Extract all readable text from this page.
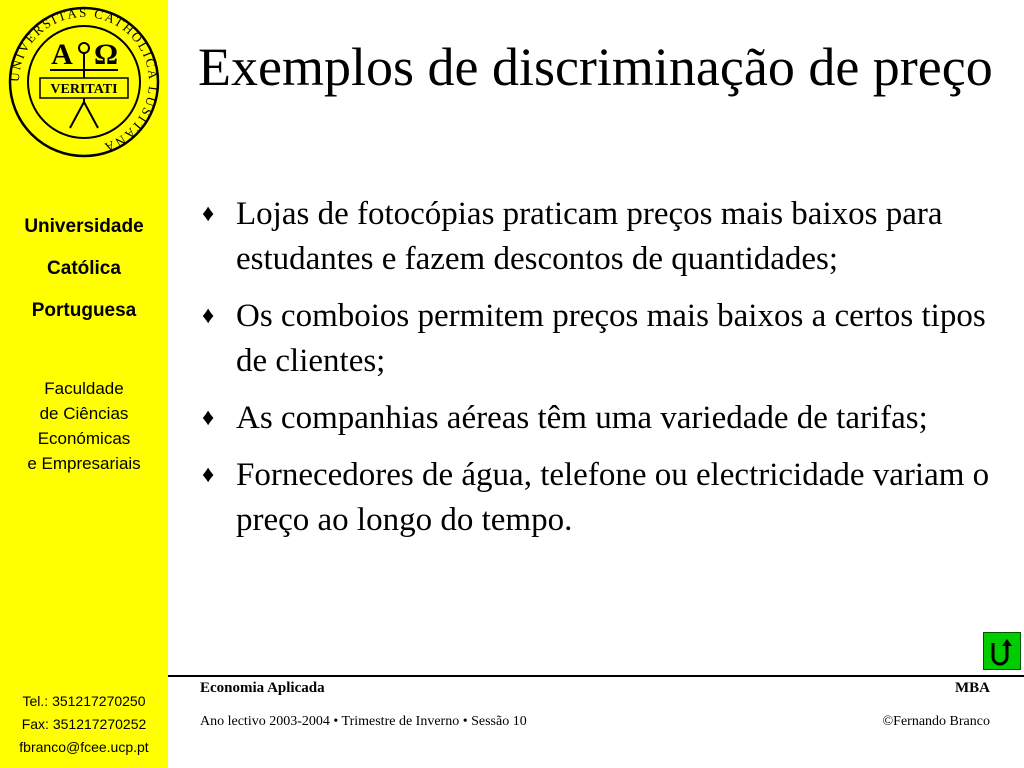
UNIVERSITAS CATHOLICA LUSITANA
A Ω
VERITATI
Universidade
Católica
Portuguesa
Faculdade
de Ciências
Económicas
e Empresariais
Tel.: 351217270250
Fax: 351217270252
fbranco@fcee.ucp.pt
Exemplos de discriminação de preço
♦ Lojas de fotocópias praticam preços mais baixos para estudantes e fazem descontos de quantidades;
♦ Os comboios permitem preços mais baixos a certos tipos de clientes;
♦ As companhias aéreas têm uma variedade de tarifas;
♦ Fornecedores de água, telefone ou electricidade variam o preço ao longo do tempo.
Economia Aplicada	MBA
Ano lectivo 2003-2004 • Trimestre de Inverno • Sessão 10	©Fernando Branco
